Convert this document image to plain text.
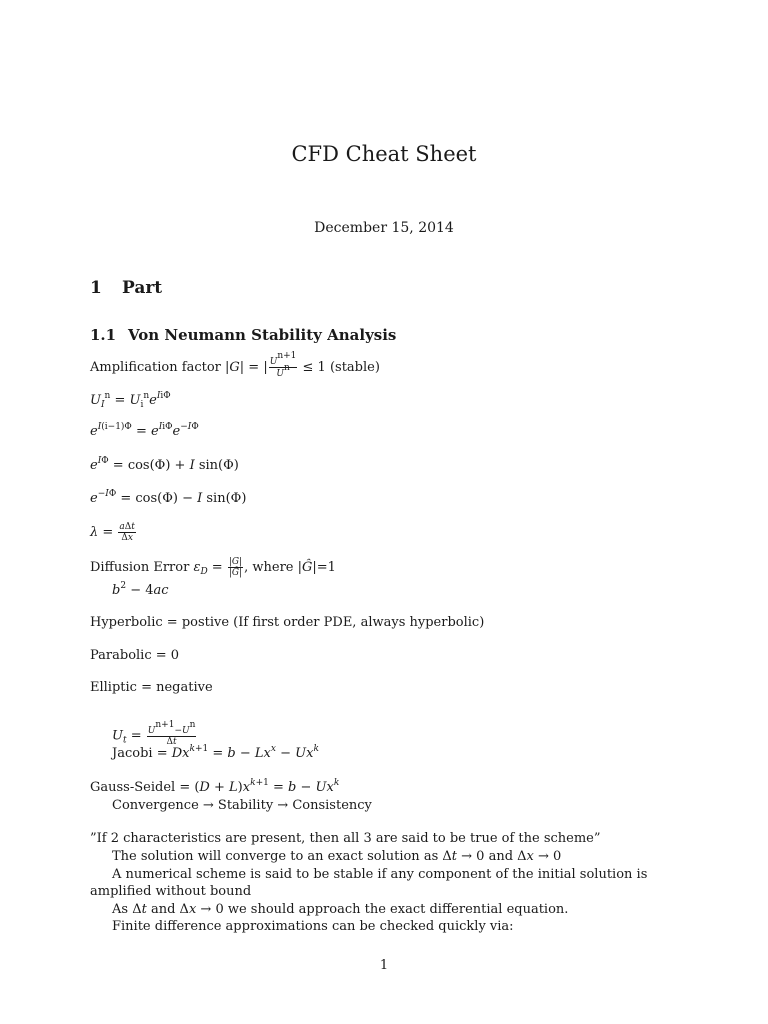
CFD Cheat Sheet
December 15, 2014
1 Part
1.1 Von Neumann Stability Analysis
Amplification factor |G| = | $\frac{U^{n+1}}{U^n} \le 1$ (stable)
$U_I^n = U_i^ne^{Ii\Phi}$
$e^{I(i-1)\Phi} = e^{Ii\Phi}e^{-I\Phi}$
$e^{I\Phi} = \cos(\Phi) + I$ sin(Φ)
$e^{-I\Phi} = \cos(\Phi) - I$ sin(Φ)
$\lambda = \frac{\text{aΔt}}{\Delta x}$
Diffusion Error $\varepsilon_D = \frac{|G|}{|Ĝ|}$ , where |Ĝ|=1
$b^2 - 4ac$
Hyperbolic = postive (If first order PDE, always hyperbolic)
Parabolic = 0
Elliptic = negative
$U_t = \frac{U^{n+1}-U^n}{\Delta t}$
Jacobi = $Dx^{k+1} = b - Lx^x - Ux^k$
Gauss-Seidel = $(D + L)x^{k+1} = b - Ux^k$
Convergence → Stability → Consistency
”If 2 characteristics are present, then all 3 are said to be true of the scheme”
The solution will converge to an exact solution as Δt → 0 and Δx → 0
A numerical scheme is said to be stable if any component of the initial solution is amplified without bound
As Δt and Δx → 0 we should approach the exact differential equation.
Finite difference approximations can be checked quickly via:
1
